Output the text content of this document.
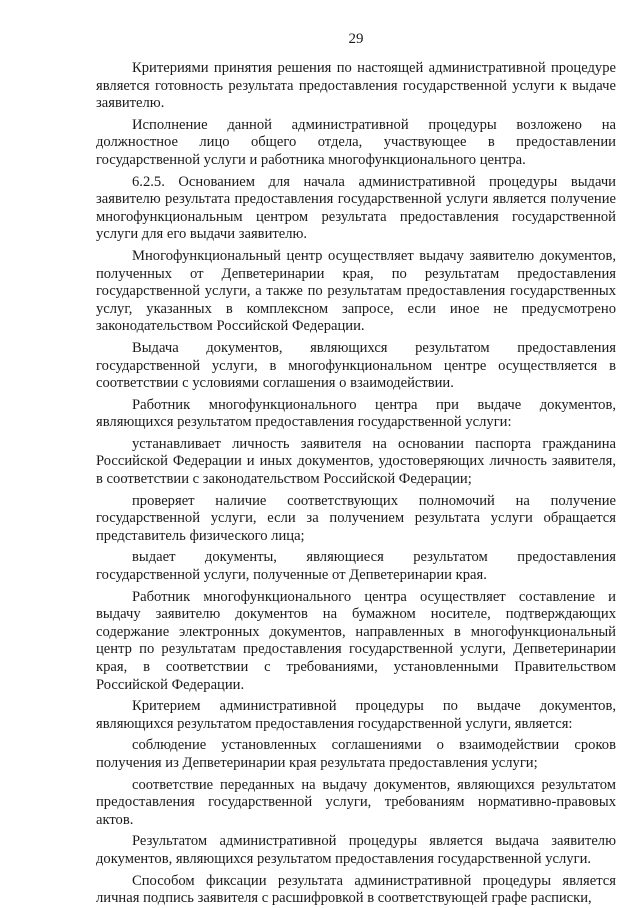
29

Критериями принятия решения по настоящей административной процедуре является готовность результата предоставления государственной услуги к выдаче заявителю.

Исполнение данной административной процедуры возложено на должностное лицо общего отдела, участвующее в предоставлении государственной услуги и работника многофункционального центра.

6.2.5. Основанием для начала административной процедуры выдачи заявителю результата предоставления государственной услуги является получение многофункциональным центром результата предоставления государственной услуги для его выдачи заявителю.

Многофункциональный центр осуществляет выдачу заявителю документов, полученных от Депветеринарии края, по результатам предоставления государственной услуги, а также по результатам предоставления государственных услуг, указанных в комплексном запросе, если иное не предусмотрено законодательством Российской Федерации.

Выдача документов, являющихся результатом предоставления государственной услуги, в многофункциональном центре осуществляется в соответствии с условиями соглашения о взаимодействии.

Работник многофункционального центра при выдаче документов, являющихся результатом предоставления государственной услуги:

устанавливает личность заявителя на основании паспорта гражданина Российской Федерации и иных документов, удостоверяющих личность заявителя, в соответствии с законодательством Российской Федерации;

проверяет наличие соответствующих полномочий на получение государственной услуги, если за получением результата услуги обращается представитель физического лица;

выдает документы, являющиеся результатом предоставления государственной услуги, полученные от Депветеринарии края.

Работник многофункционального центра осуществляет составление и выдачу заявителю документов на бумажном носителе, подтверждающих содержание электронных документов, направленных в многофункциональный центр по результатам предоставления государственной услуги, Депветеринарии края, в соответствии с требованиями, установленными Правительством Российской Федерации.

Критерием административной процедуры по выдаче документов, являющихся результатом предоставления государственной услуги, является:

соблюдение установленных соглашениями о взаимодействии сроков получения из Депветеринарии края результата предоставления услуги;

соответствие переданных на выдачу документов, являющихся результатом предоставления государственной услуги, требованиям нормативно-правовых актов.

Результатом административной процедуры является выдача заявителю документов, являющихся результатом предоставления государственной услуги.

Способом фиксации результата административной процедуры является личная подпись заявителя с расшифровкой в соответствующей графе расписки,
